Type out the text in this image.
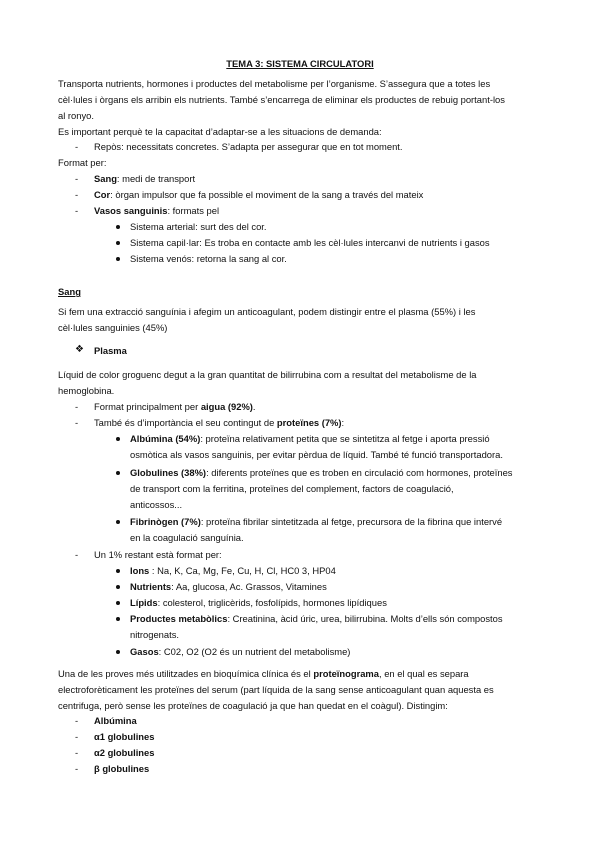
TEMA 3: SISTEMA CIRCULATORI
Transporta nutrients, hormones i productes del metabolisme per l’organisme. S’assegura que a totes les
cèl·lules i òrgans els arribin els nutrients. També s’encarrega de eliminar els productes de rebuig portant-los
al ronyo.
Es important perquè te la capacitat d’adaptar-se a les situacions de demanda:
- Repòs: necessitats concretes. S’adapta per assegurar que en tot moment.
Format per:
- Sang: medi de transport
- Cor: òrgan impulsor que fa possible el moviment de la sang a través del mateix
- Vasos sanguinis: formats pel
Sistema arterial: surt des del cor.
Sistema capil·lar: Es troba en contacte amb les cèl·lules intercanvi de nutrients i gasos
Sistema venós: retorna la sang al cor.
Sang
Si fem una extracció sanguínia i afegim un anticoagulant, podem distingir entre el plasma (55%) i les
cèl·lules sanguinies (45%)
❖ Plasma
Líquid de color groguenc degut a la gran quantitat de bilirrubina com a resultat del metabolisme de la
hemoglobina.
- Format principalment per aigua (92%).
- També és d’importància el seu contingut de proteïnes (7%):
Albúmina (54%): proteïna relativament petita que se sintetitza al fetge i aporta pressió
osmòtica als vasos sanguinis, per evitar pèrdua de líquid. També té funció transportadora.
Globulines (38%): diferents proteïnes que es troben en circulació com hormones, proteïnes
de transport com la ferritina, proteïnes del complement, factors de coagulació,
anticossos...
Fibrinògen (7%): proteïna fibrilar sintetitzada al fetge, precursora de la fibrina que intervé
en la coagulació sanguínia.
- Un 1% restant està format per:
Ions : Na, K, Ca, Mg, Fe, Cu, H, Cl, HC0 3, HP04
Nutrients: Aa, glucosa, Ac. Grassos, Vitamines
Lípids: colesterol, triglicèrids, fosfolípids, hormones lipídiques
Productes metabòlics: Creatinina, àcid úric, urea, bilirrubina. Molts d’ells són compostos
nitrogenats.
Gasos: C02, O2 (O2 és un nutrient del metabolisme)
Una de les proves més utilitzades en bioquímica clínica és el proteïnograma, en el qual es separa
electroforèticament les proteïnes del serum (part líquida de la sang sense anticoagulant quan aquesta es
centrifuga, però sense les proteïnes de coagulació ja que han quedat en el coàgul). Distingim:
- Albúmina
- α1 globulines
- α2 globulines
- β globulines
